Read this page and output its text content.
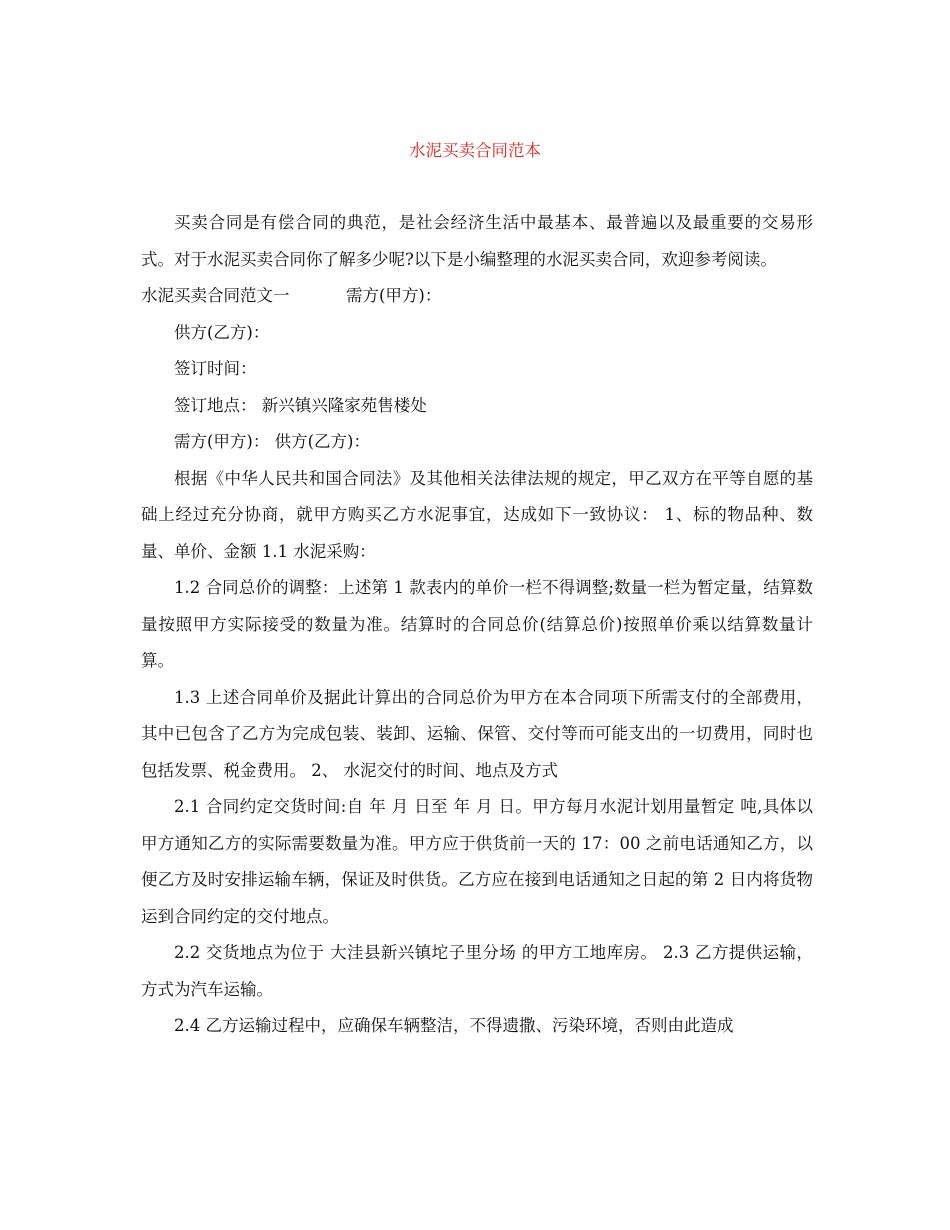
水泥买卖合同范本

买卖合同是有偿合同的典范，是社会经济生活中最基本、最普遍以及最重要的交易形式。对于水泥买卖合同你了解多少呢?以下是小编整理的水泥买卖合同，欢迎参考阅读。

水泥买卖合同范文一	需方(甲方)：

供方(乙方)：

签订时间：

签订地点： 新兴镇兴隆家苑售楼处

需方(甲方)： 供方(乙方)：

根据《中华人民共和国合同法》及其他相关法律法规的规定，甲乙双方在平等自愿的基础上经过充分协商，就甲方购买乙方水泥事宜，达成如下一致协议： 1、标的物品种、数量、单价、金额 1.1 水泥采购：

1.2 合同总价的调整：上述第 1 款表内的单价一栏不得调整;数量一栏为暂定量，结算数量按照甲方实际接受的数量为准。结算时的合同总价(结算总价)按照单价乘以结算数量计算。

1.3 上述合同单价及据此计算出的合同总价为甲方在本合同项下所需支付的全部费用，其中已包含了乙方为完成包装、装卸、运输、保管、交付等而可能支出的一切费用，同时也包括发票、税金费用。 2、 水泥交付的时间、地点及方式

2.1 合同约定交货时间:自 年 月 日至 年 月 日。甲方每月水泥计划用量暂定 吨,具体以甲方通知乙方的实际需要数量为准。甲方应于供货前一天的 17：00 之前电话通知乙方，以便乙方及时安排运输车辆，保证及时供货。乙方应在接到电话通知之日起的第 2 日内将货物运到合同约定的交付地点。

2.2 交货地点为位于 大洼县新兴镇坨子里分场 的甲方工地库房。 2.3 乙方提供运输，方式为汽车运输。

2.4 乙方运输过程中，应确保车辆整洁，不得遗撒、污染环境，否则由此造成
